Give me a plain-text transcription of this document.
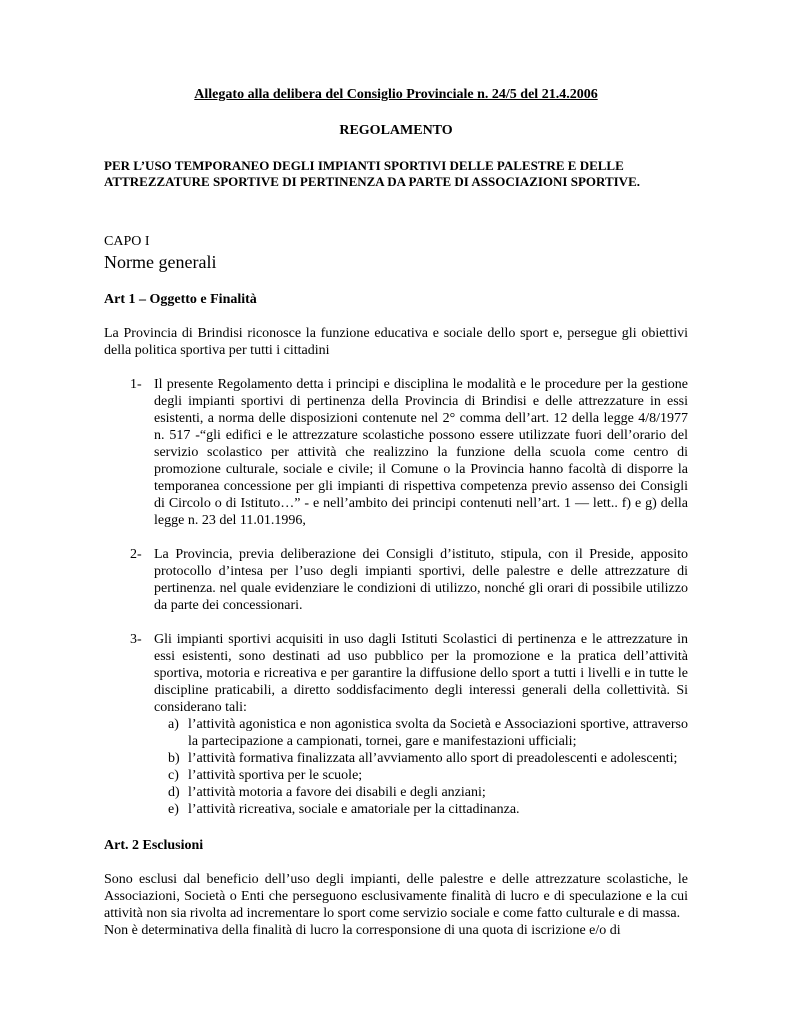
Allegato alla delibera del Consiglio Provinciale n. 24/5 del 21.4.2006

REGOLAMENTO

PER L’USO TEMPORANEO DEGLI IMPIANTI SPORTIVI DELLE PALESTRE E DELLE
ATTREZZATURE SPORTIVE DI PERTINENZA DA PARTE DI ASSOCIAZIONI SPORTIVE.

CAPO I

Norme generali

Art 1 – Oggetto e Finalità

La Provincia di Brindisi riconosce la funzione educativa e sociale dello sport e, persegue gli obiettivi della politica sportiva per tutti i cittadini

1- Il presente Regolamento detta i principi e disciplina le modalità e le procedure per la gestione degli impianti sportivi di pertinenza della Provincia di Brindisi e delle attrezzature in essi esistenti, a norma delle disposizioni contenute nel 2° comma dell’art. 12 della legge 4/8/1977 n. 517 -“gli edifici e le attrezzature scolastiche possono essere utilizzate fuori dell’orario del servizio scolastico per attività che realizzino la funzione della scuola come centro di promozione culturale, sociale e civile; il Comune o la Provincia hanno facoltà di disporre la temporanea concessione per gli impianti di rispettiva competenza previo assenso dei Consigli di Circolo o di Istituto…” - e nell’ambito dei principi contenuti nell’art. 1 — lett.. f) e g) della legge n. 23 del 11.01.1996,
2- La Provincia, previa deliberazione dei Consigli d’istituto, stipula, con il Preside, apposito protocollo d’intesa per l’uso degli impianti sportivi, delle palestre e delle attrezzature di pertinenza. nel quale evidenziare le condizioni di utilizzo, nonché gli orari di possibile utilizzo da parte dei concessionari.
3- Gli impianti sportivi acquisiti in uso dagli Istituti Scolastici di pertinenza e le attrezzature in essi esistenti, sono destinati ad uso pubblico per la promozione e la pratica dell’attività sportiva, motoria e ricreativa e per garantire la diffusione dello sport a tutti i livelli e in tutte le discipline praticabili, a diretto soddisfacimento degli interessi generali della collettività. Si considerano tali:
a) l’attività agonistica e non agonistica svolta da Società e Associazioni sportive, attraverso la partecipazione a campionati, tornei, gare e manifestazioni ufficiali;
b) l’attività formativa finalizzata all’avviamento allo sport di preadolescenti e adolescenti;
c) l’attività sportiva per le scuole;
d) l’attività motoria a favore dei disabili e degli anziani;
e) l’attività ricreativa, sociale e amatoriale per la cittadinanza.

Art. 2 Esclusioni

Sono esclusi dal beneficio dell’uso degli impianti, delle palestre e delle attrezzature scolastiche, le Associazioni, Società o Enti che perseguono esclusivamente finalità di lucro e di speculazione e la cui attività non sia rivolta ad incrementare lo sport come servizio sociale e come fatto culturale e di massa.

Non è determinativa della finalità di lucro la corresponsione di una quota di iscrizione e/o di
